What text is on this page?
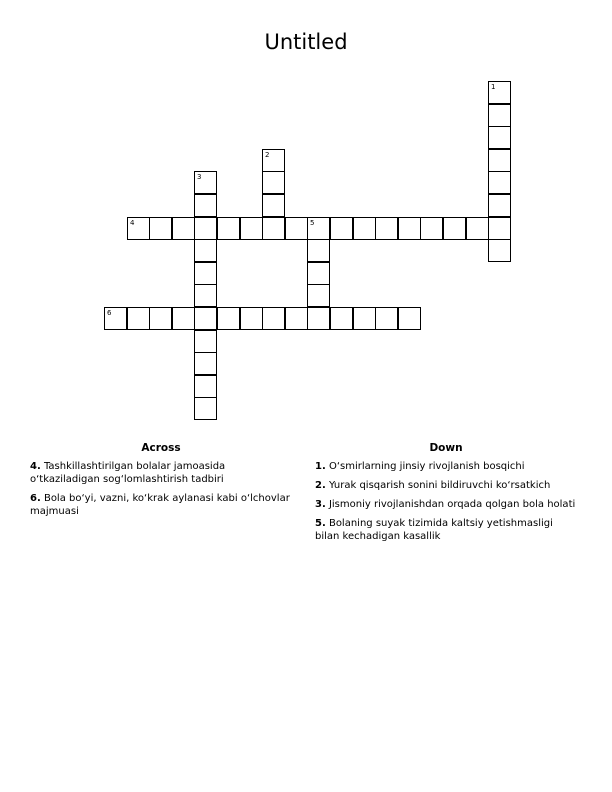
Untitled
1
2
3
4	5
6
Across
4. Tashkillashtirilgan bolalar jamoasida o‘tkaziladigan sog‘lomlashtirish tadbiri
6. Bola bo‘yi, vazni, ko‘krak aylanasi kabi o‘lchovlar majmuasi
Down
1. O‘smirlarning jinsiy rivojlanish bosqichi
2. Yurak qisqarish sonini bildiruvchi ko‘rsatkich
3. Jismoniy rivojlanishdan orqada qolgan bola holati
5. Bolaning suyak tizimida kaltsiy yetishmasligi bilan kechadigan kasallik
